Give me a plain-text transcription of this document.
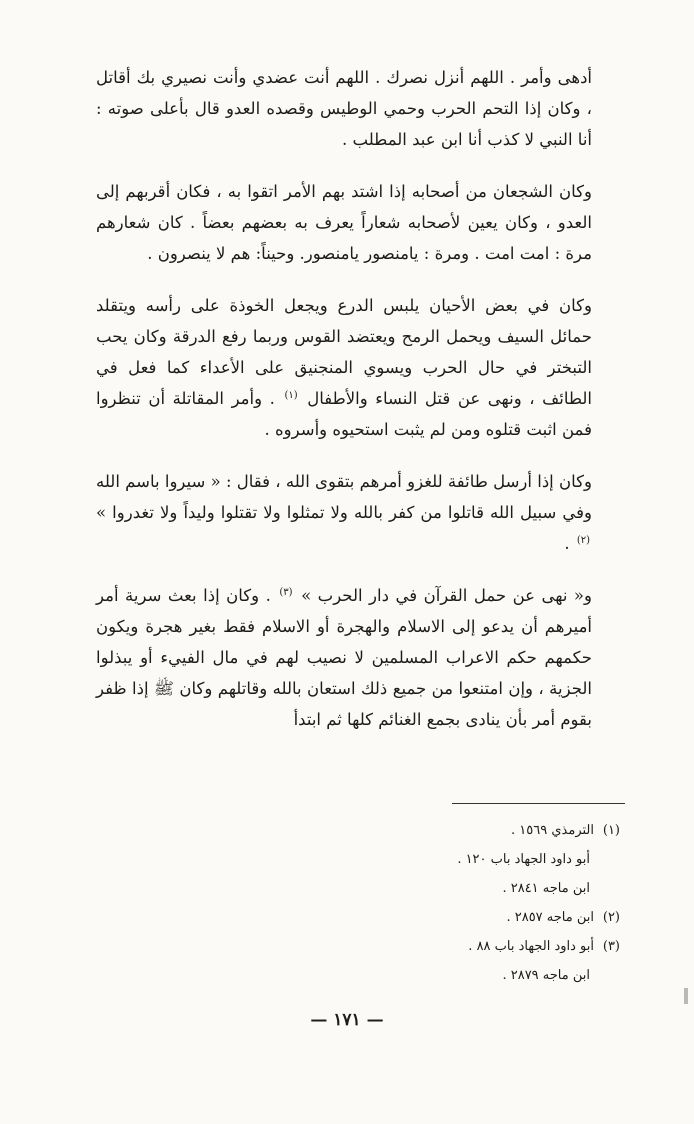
أدهى وأمر . اللهم أنزل نصرك . اللهم أنت عضدي وأنت نصيري بك أقاتل ، وكان إذا التحم الحرب وحمي الوطيس وقصده العدو قال بأعلى صوته : أنا النبي لا كذب أنا ابن عبد المطلب .

وكان الشجعان من أصحابه إذا اشتد بهم الأمر اتقوا به ، فكان أقربهم إلى العدو ، وكان يعين لأصحابه شعاراً يعرف به بعضهم بعضاً . كان شعارهم مرة : امت امت . ومرة : يامنصور يامنصور. وحيناً: هم لا ينصرون .

وكان في بعض الأحيان يلبس الدرع ويجعل الخوذة على رأسه ويتقلد حمائل السيف ويحمل الرمح ويعتضد القوس وربما رفع الدرقة وكان يحب التبختر في حال الحرب ويسوي المنجنيق على الأعداء كما فعل في الطائف ، ونهى عن قتل النساء والأطفال $^{(١)}$ . وأمر المقاتلة أن تنظروا فمن اثبت قتلوه ومن لم يثبت استحيوه وأسروه .

وكان إذا أرسل طائفة للغزو أمرهم بتقوى الله ، فقال : « سيروا باسم الله وفي سبيل الله قاتلوا من كفر بالله ولا تمثلوا ولا تقتلوا وليداً ولا تغدروا » $^{(٢)}$ .

و« نهى عن حمل القرآن في دار الحرب » $^{(٣)}$ . وكان إذا بعث سرية أمر أميرهم أن يدعو إلى الاسلام والهجرة أو الاسلام فقط بغير هجرة ويكون حكمهم حكم الاعراب المسلمين لا نصيب لهم في مال الفييء أو يبذلوا الجزية ، وإن امتنعوا من جميع ذلك استعان بالله وقاتلهم وكان ﷺ إذا ظفر بقوم أمر بأن ينادى بجمع الغنائم كلها ثم ابتدأ

(١)الترمذي ١٥٦٩ .
أبو داود الجهاد باب ١٢٠ .
ابن ماجه ٢٨٤١ .
(٢)ابن ماجه ٢٨٥٧ .
(٣)أبو داود الجهاد باب ٨٨ .
ابن ماجه ٢٨٧٩ .
— ١٧١ —
